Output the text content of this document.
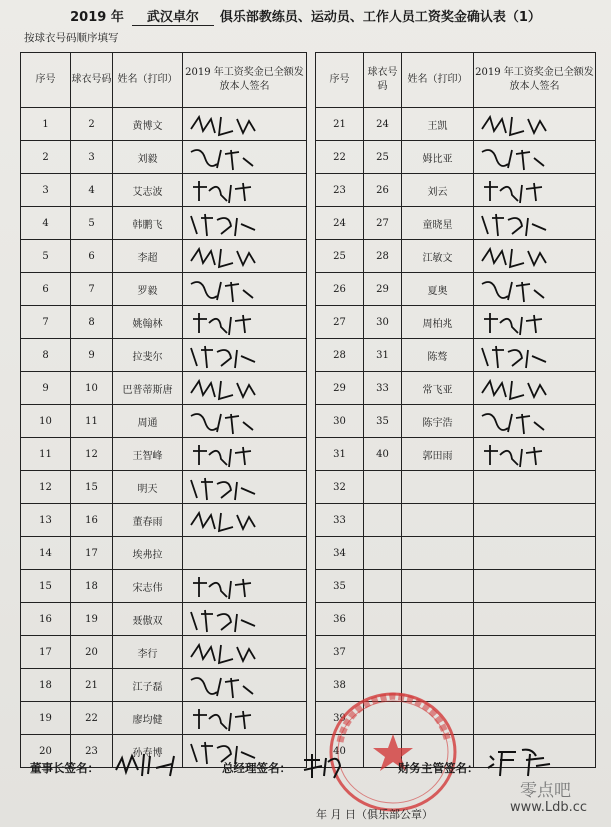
2019 年	武汉卓尔	俱乐部教练员、运动员、工作人员工资奖金确认表（1）
按球衣号码顺序填写
序号	球衣号码	姓名（打印）	2019 年工资奖金已全额发放本人签名
1	2	黄博文	

2	3	刘毅	

3	4	艾志波	

4	5	韩鹏飞	

5	6	李超	

6	7	罗毅	

7	8	姚翰林	

8	9	拉斐尔	

9	10	巴普蒂斯唐	

10	11	周通	

11	12	王智峰	

12	15	明天	

13	16	董春雨	

14	17	埃弗拉	
15	18	宋志伟	

16	19	聂傲双	

17	20	李行	

18	21	江子磊	

19	22	廖均健	

20	23	孙寿博	
序号	球衣号码	姓名（打印）	2019 年工资奖金已全额发放本人签名
21	24	王凯	

22	25	姆比亚	

23	26	刘云	

24	27	童晓星	

25	28	江敏文	

26	29	夏奥	

27	30	周柏兆	

28	31	陈骜	

29	33	常飞亚	

30	35	陈宇浩	

31	40	郭田雨	

32			
33			
34			
35			
36			
37			
38			
39			
40			
董事长签名：	总经理签名：	财务主管签名：
年 月 日（俱乐部公章）
零点吧
www.Ldb.cc
